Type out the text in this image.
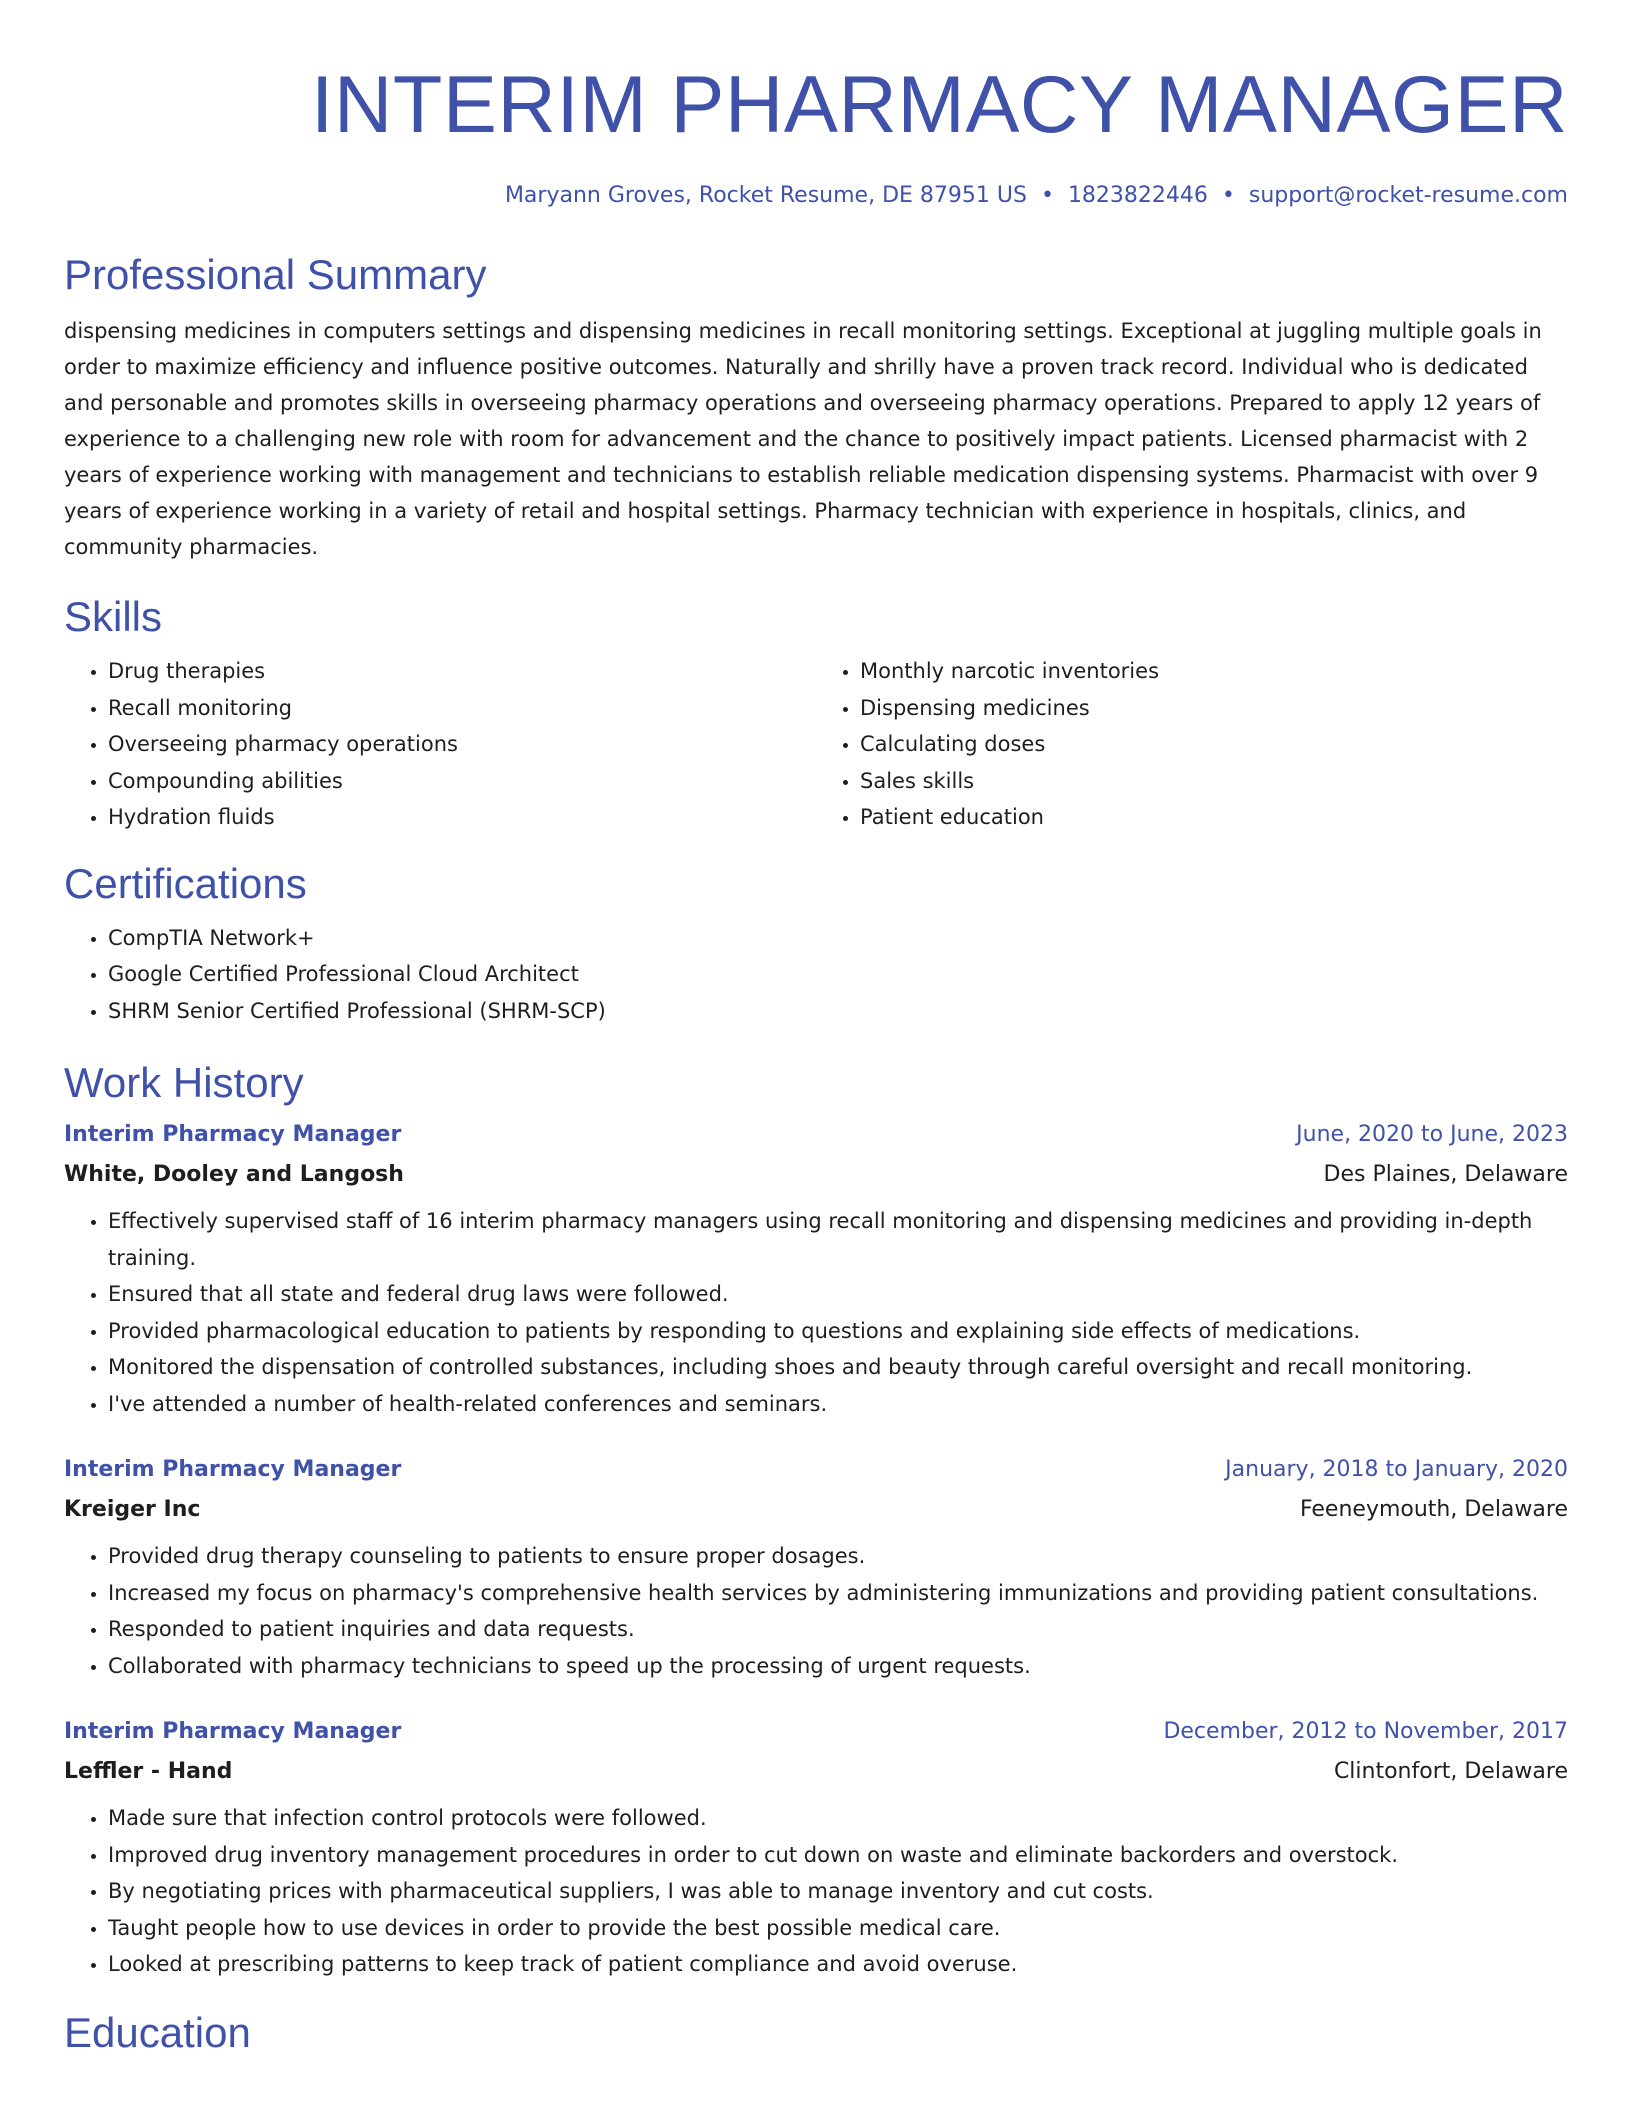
INTERIM PHARMACY MANAGER
Maryann Groves, Rocket Resume, DE 87951 US • 1823822446 • support@rocket-resume.com
Professional Summary

dispensing medicines in computers settings and dispensing medicines in recall monitoring settings. Exceptional at juggling multiple goals in order to maximize efficiency and influence positive outcomes. Naturally and shrilly have a proven track record. Individual who is dedicated and personable and promotes skills in overseeing pharmacy operations and overseeing pharmacy operations. Prepared to apply 12 years of experience to a challenging new role with room for advancement and the chance to positively impact patients. Licensed pharmacist with 2 years of experience working with management and technicians to establish reliable medication dispensing systems. Pharmacist with over 9 years of experience working in a variety of retail and hospital settings. Pharmacy technician with experience in hospitals, clinics, and community pharmacies.

Skills
• Drug therapies
• Recall monitoring
• Overseeing pharmacy operations
• Compounding abilities
• Hydration fluids
• Monthly narcotic inventories
• Dispensing medicines
• Calculating doses
• Sales skills
• Patient education
Certifications
• CompTIA Network+
• Google Certified Professional Cloud Architect
• SHRM Senior Certified Professional (SHRM-SCP)
Work History
Interim Pharmacy Manager	June, 2020 to June, 2023
White, Dooley and Langosh	Des Plaines, Delaware
• Effectively supervised staff of 16 interim pharmacy managers using recall monitoring and dispensing medicines and providing in-depth training.
• Ensured that all state and federal drug laws were followed.
• Provided pharmacological education to patients by responding to questions and explaining side effects of medications.
• Monitored the dispensation of controlled substances, including shoes and beauty through careful oversight and recall monitoring.
• I've attended a number of health-related conferences and seminars.
Interim Pharmacy Manager	January, 2018 to January, 2020
Kreiger Inc	Feeneymouth, Delaware
• Provided drug therapy counseling to patients to ensure proper dosages.
• Increased my focus on pharmacy's comprehensive health services by administering immunizations and providing patient consultations.
• Responded to patient inquiries and data requests.
• Collaborated with pharmacy technicians to speed up the processing of urgent requests.
Interim Pharmacy Manager	December, 2012 to November, 2017
Leffler - Hand	Clintonfort, Delaware
• Made sure that infection control protocols were followed.
• Improved drug inventory management procedures in order to cut down on waste and eliminate backorders and overstock.
• By negotiating prices with pharmaceutical suppliers, I was able to manage inventory and cut costs.
• Taught people how to use devices in order to provide the best possible medical care.
• Looked at prescribing patterns to keep track of patient compliance and avoid overuse.
Education
